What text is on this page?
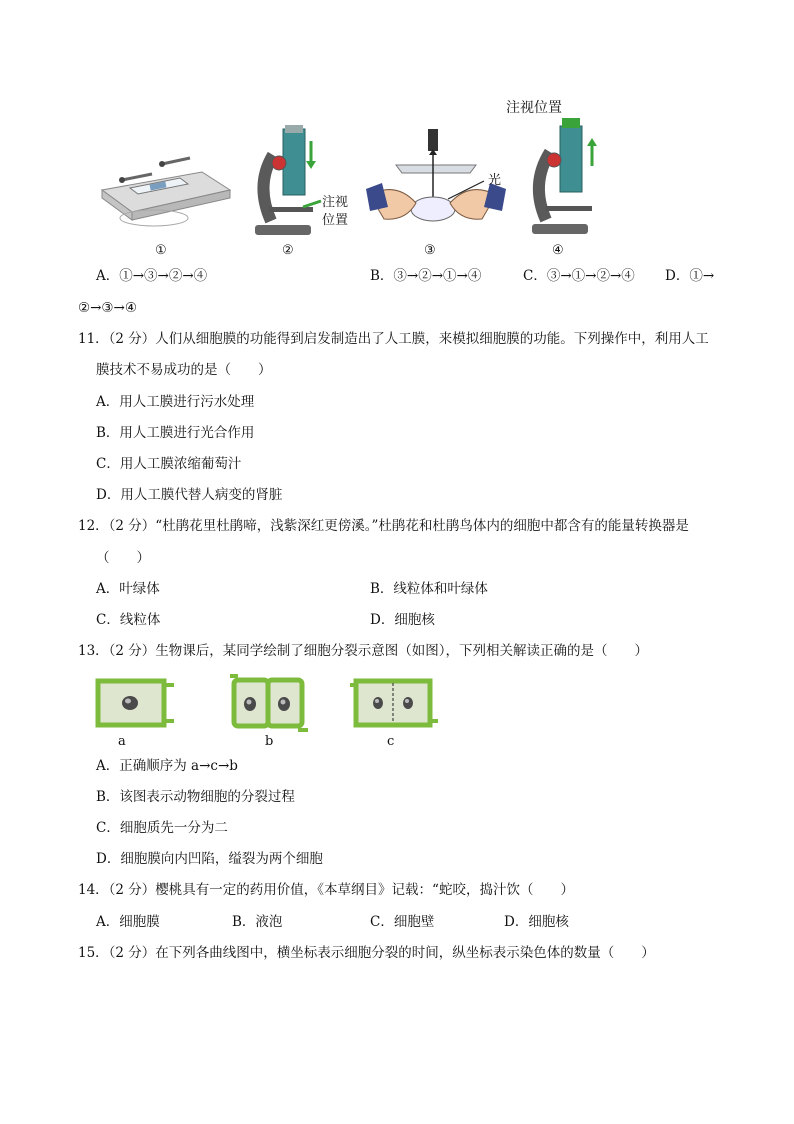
①
注视
位置
②
光
③
注视位置
④
A．①→③→②→④	B．③→②→①→④	C．③→①→②→④ D．①→
②→③→④
11．（2 分）人们从细胞膜的功能得到启发制造出了人工膜，来模拟细胞膜的功能。下列操作中，利用人工
膜技术不易成功的是（　　）
A．用人工膜进行污水处理
B．用人工膜进行光合作用
C．用人工膜浓缩葡萄汁
D．用人工膜代替人病变的肾脏
12．（2 分）“杜鹃花里杜鹃啼，浅紫深红更傍溪。”杜鹃花和杜鹃鸟体内的细胞中都含有的能量转换器是
（　　）
A．叶绿体	B．线粒体和叶绿体
C．线粒体	D．细胞核
13．（2 分）生物课后，某同学绘制了细胞分裂示意图（如图），下列相关解读正确的是（　　）
a	b	c
A．正确顺序为 a→c→b
B．该图表示动物细胞的分裂过程
C．细胞质先一分为二
D．细胞膜向内凹陷，缢裂为两个细胞
14．（2 分）樱桃具有一定的药用价值，《本草纲目》记载：“蛇咬，捣汁饮（　　）
A．细胞膜	B．液泡	C．细胞壁	D．细胞核
15．（2 分）在下列各曲线图中，横坐标表示细胞分裂的时间，纵坐标表示染色体的数量（　　）
